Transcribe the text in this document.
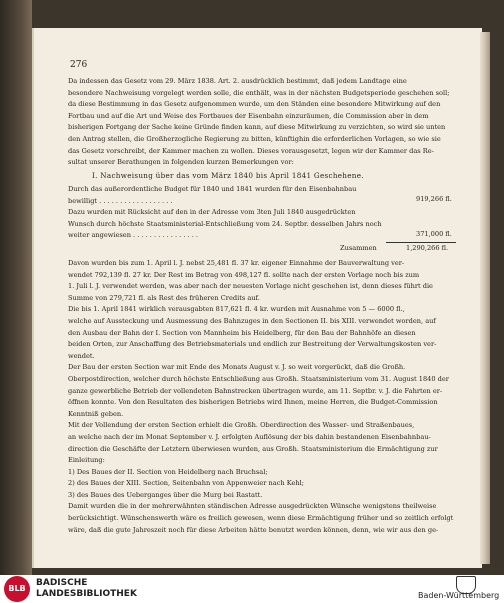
276
Da indessen das Gesetz vom 29. März 1838. Art. 2. ausdrücklich bestimmt, daß jedem Landtage eine
besondere Nachweisung vorgelegt werden solle, die enthält, was in der nächsten Budgetsperiode geschehen soll;
da diese Bestimmung in das Gesetz aufgenommen wurde, um den Ständen eine besondere Mitwirkung auf den
Fortbau und auf die Art und Weise des Fortbaues der Eisenbahn einzuräumen, die Commission aber in dem
bisherigen Fortgang der Sache keine Gründe finden kann, auf diese Mitwirkung zu verzichten, so wird sie unten
den Antrag stellen, die Großherzogliche Regierung zu bitten, künftighin die erforderlichen Vorlagen, so wie sie
das Gesetz vorschreibt, der Kammer machen zu wollen. Dieses vorausgesetzt, legen wir der Kammer das Re-
sultat unserer Berathungen in folgenden kurzen Bemerkungen vor:
I. Nachweisung über das vom März 1840 bis April 1841 Geschehene.
Durch das außerordentliche Budget für 1840 und 1841 wurden für den Eisenbahnbau
bewilligt . . . . . . . . . . . . . . . . . .
Dazu wurden mit Rücksicht auf den in der Adresse vom 3ten Juli 1840 ausgedrückten
Wunsch durch höchste Staatsministerial-Entschließung vom 24. Septbr. desselben Jahrs noch
weiter angewiesen . . . . . . . . . . . . . . . .
919,266 fl.
371,000 fl.
Zusammen	1,290,266 fl.
Davon wurden bis zum 1. April l. J. nebst 25,481 fl. 37 kr. eigener Einnahme der Bauverwaltung ver-
wendet 792,139 fl. 27 kr. Der Rest im Betrag von 498,127 fl. sollte nach der ersten Vorlage noch bis zum
1. Juli l. J. verwendet werden, was aber nach der neuesten Vorlage nicht geschehen ist, denn dieses führt die
Summe von 279,721 fl. als Rest des früheren Credits auf.
Die bis 1. April 1841 wirklich verausgabten 817,621 fl. 4 kr. wurden mit Ausnahme von 5 — 6000 fl.,
welche auf Aussteckung und Ausmessung des Bahnzuges in den Sectionen II. bis XIII. verwendet worden, auf
den Ausbau der Bahn der I. Section von Mannheim bis Heidelberg, für den Bau der Bahnhöfe an diesen
beiden Orten, zur Anschaffung des Betriebsmaterials und endlich zur Bestreitung der Verwaltungskosten ver-
wendet.
Der Bau der ersten Section war mit Ende des Monats August v. J. so weit vorgerückt, daß die Großh.
Oberpostdirection, welcher durch höchste Entschließung aus Großh. Staatsministerium vom 31. August 1840 der
ganze gewerbliche Betrieb der vollendeten Bahnstrecken übertragen wurde, am 11. Septbr. v. J. die Fahrten er-
öffnen konnte. Von den Resultaten des bisherigen Betriebs wird Ihnen, meine Herren, die Budget-Commission
Kenntniß geben.
Mit der Vollendung der ersten Section erhielt die Großh. Oberdirection des Wasser- und Straßenbaues,
an welche nach der im Monat September v. J. erfolgten Auflösung der bis dahin bestandenen Eisenbahnbau-
direction die Geschäfte der Letztern überwiesen wurden, aus Großh. Staatsministerium die Ermächtigung zur
Einleitung:
1) Des Baues der II. Section von Heidelberg nach Bruchsal;
2) des Baues der XIII. Section, Seitenbahn von Appenweier nach Kehl;
3) des Baues des Ueberganges über die Murg bei Rastatt.
Damit wurden die in der mehrerwähnten ständischen Adresse ausgedrückten Wünsche wenigstens theilweise
berücksichtigt. Wünschenswerth wäre es freilich gewesen, wenn diese Ermächtigung früher und so zeitlich erfolgt
wäre, daß die gute Jahreszeit noch für diese Arbeiten hätte benutzt werden können, denn, wie wir aus den ge-
BLB
BADISCHE
LANDESBIBLIOTHEK	Baden-Württemberg
